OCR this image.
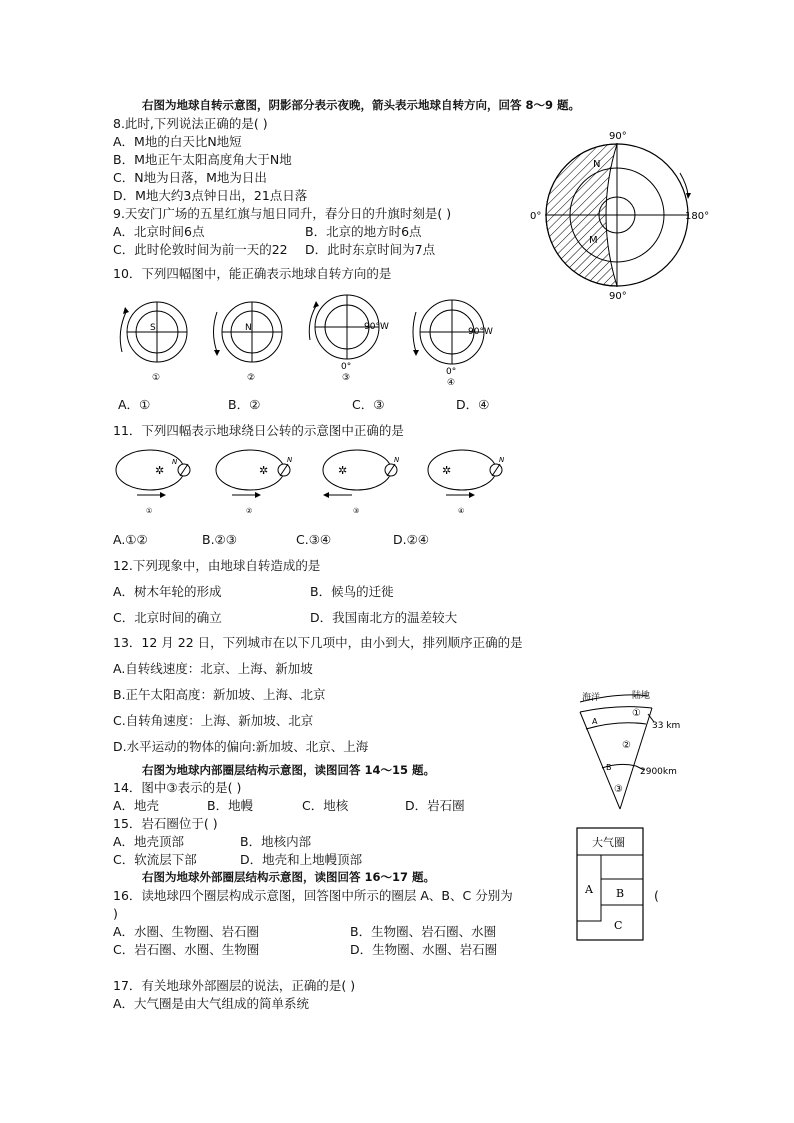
右图为地球自转示意图，阴影部分表示夜晚，箭头表示地球自转方向，回答 8～9 题。
8.此时,下列说法正确的是( )
A．M地的白天比N地短
B．M地正午太阳高度角大于N地
C．N地为日落，M地为日出
D．M地大约3点钟日出，21点日落
9.天安门广场的五星红旗与旭日同升，春分日的升旗时刻是( )
A．北京时间6点	B．北京的地方时6点
C．此时伦敦时间为前一天的22 D．此时东京时间为7点
90°
90°
0°	180°
N
M
10．下列四幅图中，能正确表示地球自转方向的是
S
①
N
②
90°W
0°
③
90°W
0°
④
A．①	B．②	C．③	D．④
11．下列四幅表示地球绕日公转的示意图中正确的是
✲
N
①
✲
N
②
✲
N
③
✲
N
④
A.①②	B.②③	C.③④	D.②④
12.下列现象中，由地球自转造成的是
A．树木年轮的形成	B．候鸟的迁徙
C．北京时间的确立	D．我国南北方的温差较大
13．12 月 22 日，下列城市在以下几项中，由小到大，排列顺序正确的是
A.自转线速度：北京、上海、新加坡
B.正午太阳高度：新加坡、上海、北京
C.自转角速度：上海、新加坡、北京
D.水平运动的物体的偏向:新加坡、北京、上海
海洋	陆地
①
②
③
A
B
33 km
2900km
右图为地球内部圈层结构示意图，读图回答 14～15 题。
14．图中③表示的是( )
A．地壳	B．地幔	C．地核	D．岩石圈
15．岩石圈位于( )
A．地壳顶部	B．地核内部
C．软流层下部	D．地壳和上地幔顶部
大气圈
A B
C
右图为地球外部圈层结构示意图，读图回答 16～17 题。
16．读地球四个圈层构成示意图，回答图中所示的圈层 A、B、C 分别为	(
)
A．水圈、生物圈、岩石圈	B．生物圈、岩石圈、水圈
C．岩石圈、水圈、生物圈	D．生物圈、水圈、岩石圈
17．有关地球外部圈层的说法，正确的是( )
A．大气圈是由大气组成的简单系统
